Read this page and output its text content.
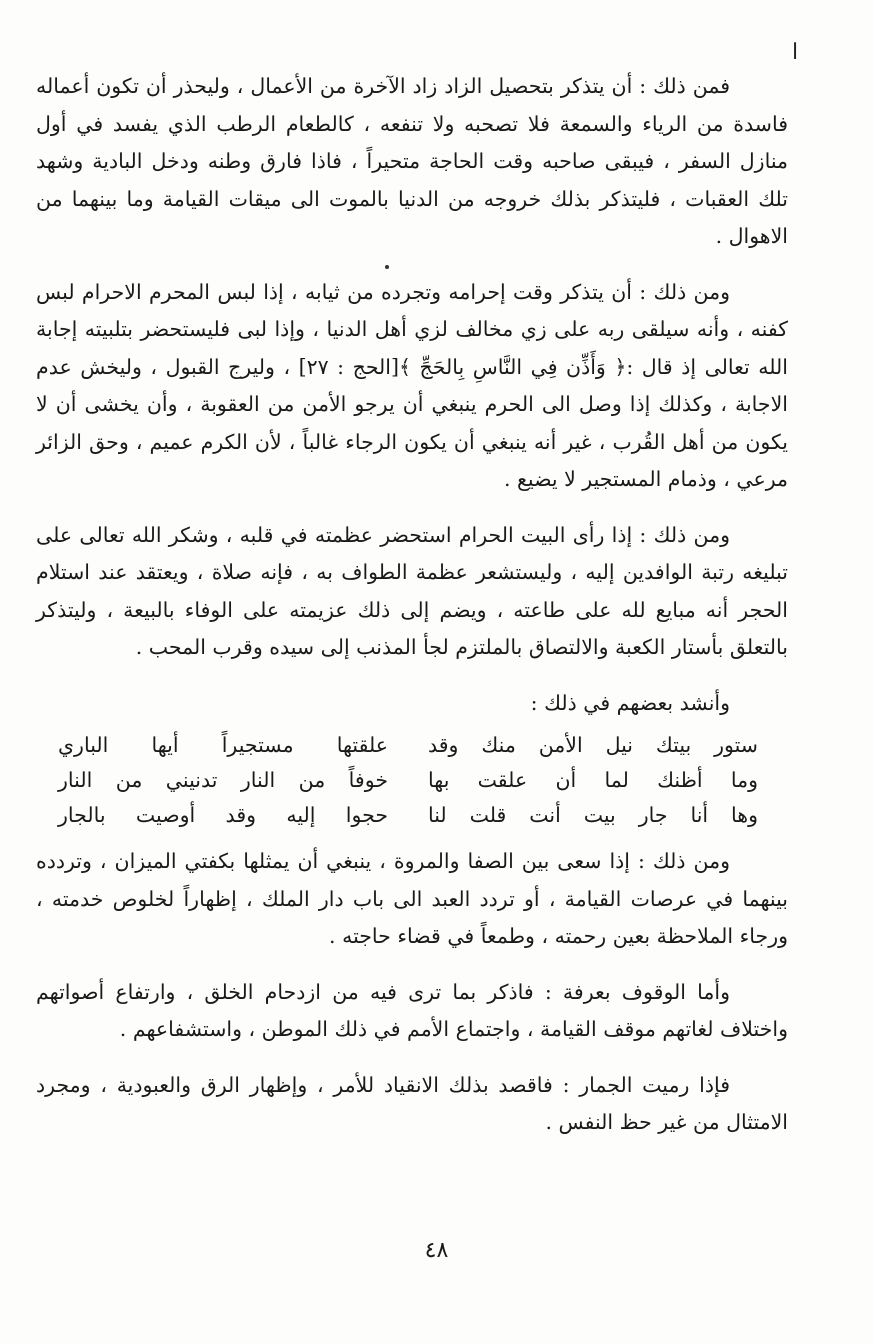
ا

فمن ذلك : أن يتذكر بتحصيل الزاد زاد الآخرة من الأعمال ، وليحذر أن تكون أعماله فاسدة من الرياء والسمعة فلا تصحبه ولا تنفعه ، كالطعام الرطب الذي يفسد في أول منازل السفر ، فيبقى صاحبه وقت الحاجة متحيراً ، فاذا فارق وطنه ودخل البادية وشهد تلك العقبات ، فليتذكر بذلك خروجه من الدنيا بالموت الى ميقات القيامة وما بينهما من الاهوال .

ومن ذلك : أن يتذكر وقت إحرامه وتجرده من ثيابه ، إذا لبس المحرم الاحرام لبس كفنه ، وأنه سيلقى ربه على زي مخالف لزي أهل الدنيا ، وإذا لبى فليستحضر بتلبيته إجابة الله تعالى إذ قال :﴿ وَأَذِّن فِي النَّاسِ بِالحَجِّ ﴾[الحج : ٢٧] ، وليرج القبول ، وليخش عدم الاجابة ، وكذلك إذا وصل الى الحرم ينبغي أن يرجو الأمن من العقوبة ، وأن يخشى أن لا يكون من أهل القُرب ، غير أنه ينبغي أن يكون الرجاء غالباً ، لأن الكرم عميم ، وحق الزائر مرعي ، وذمام المستجير لا يضيع .

ومن ذلك : إذا رأى البيت الحرام استحضر عظمته في قلبه ، وشكر الله تعالى على تبليغه رتبة الوافدين إليه ، وليستشعر عظمة الطواف به ، فإنه صلاة ، ويعتقد عند استلام الحجر أنه مبايع لله على طاعته ، ويضم إلى ذلك عزيمته على الوفاء بالبيعة ، وليتذكر بالتعلق بأستار الكعبة والالتصاق بالملتزم لجأ المذنب إلى سيده وقرب المحب .

وأنشد بعضهم في ذلك :

ستور بيتك نيل الأمن منك وقد
علقتها مستجيراً أيها الباري
وما أظنك لما أن علقت بها
خوفاً من النار تدنيني من النار
وها أنا جار بيت أنت قلت لنا
حجوا إليه وقد أوصيت بالجار

ومن ذلك : إذا سعى بين الصفا والمروة ، ينبغي أن يمثلها بكفتي الميزان ، وتردده بينهما في عرصات القيامة ، أو تردد العبد الى باب دار الملك ، إظهاراً لخلوص خدمته ، ورجاء الملاحظة بعين رحمته ، وطمعاً في قضاء حاجته .

وأما الوقوف بعرفة : فاذكر بما ترى فيه من ازدحام الخلق ، وارتفاع أصواتهم واختلاف لغاتهم موقف القيامة ، واجتماع الأمم في ذلك الموطن ، واستشفاعهم .

فإذا رميت الجمار : فاقصد بذلك الانقياد للأمر ، وإظهار الرق والعبودية ، ومجرد الامتثال من غير حظ النفس .

٤٨
